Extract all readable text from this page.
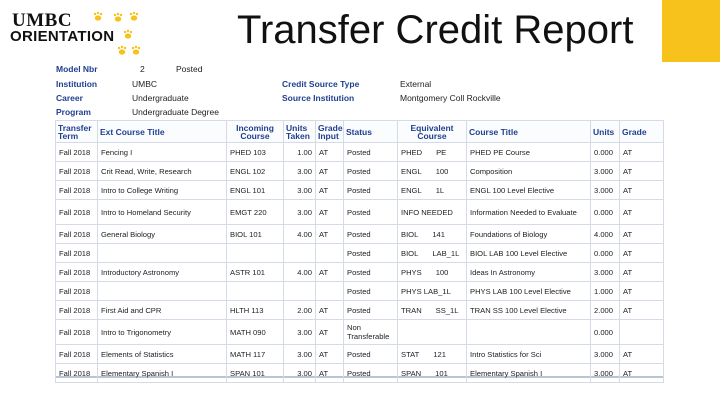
UMBC
ORIENTATION	Transfer Credit Report
Model Nbr	2	Posted
Institution	UMBC
Career	Undergraduate
Program	Undergraduate Degree
Credit Source Type	External
Source Institution	Montgomery Coll Rockville
Transfer Term	Ext Course Title	Incoming Course	Units Taken	Grade Input	Status	Equivalent Course	Course Title	Units	Grade
Fall 2018	Fencing I	PHED 103	1.00	AT	Posted	PHED PE	PHED PE Course	0.000	AT
Fall 2018	Crit Read, Write, Research	ENGL 102	3.00	AT	Posted	ENGL 100	Composition	3.000	AT
Fall 2018	Intro to College Writing	ENGL 101	3.00	AT	Posted	ENGL 1L	ENGL 100 Level Elective	3.000	AT
Fall 2018	Intro to Homeland Security	EMGT 220	3.00	AT	Posted	INFO NEEDED	Information Needed to Evaluate	0.000	AT
Fall 2018	General Biology	BIOL 101	4.00	AT	Posted	BIOL 141	Foundations of Biology	4.000	AT
Fall 2018					Posted	BIOL LAB_1L	BIOL LAB 100 Level Elective	0.000	AT
Fall 2018	Introductory Astronomy	ASTR 101	4.00	AT	Posted	PHYS 100	Ideas In Astronomy	3.000	AT
Fall 2018					Posted	PHYS LAB_1L	PHYS LAB 100 Level Elective	1.000	AT
Fall 2018	First Aid and CPR	HLTH 113	2.00	AT	Posted	TRAN SS_1L	TRAN SS 100 Level Elective	2.000	AT
Fall 2018	Intro to Trigonometry	MATH 090	3.00	AT	Non Transferable			0.000	
Fall 2018	Elements of Statistics	MATH 117	3.00	AT	Posted	STAT 121	Intro Statistics for Sci	3.000	AT
Fall 2018	Elementary Spanish I	SPAN 101	3.00	AT	Posted	SPAN 101	Elementary Spanish I	3.000	AT
